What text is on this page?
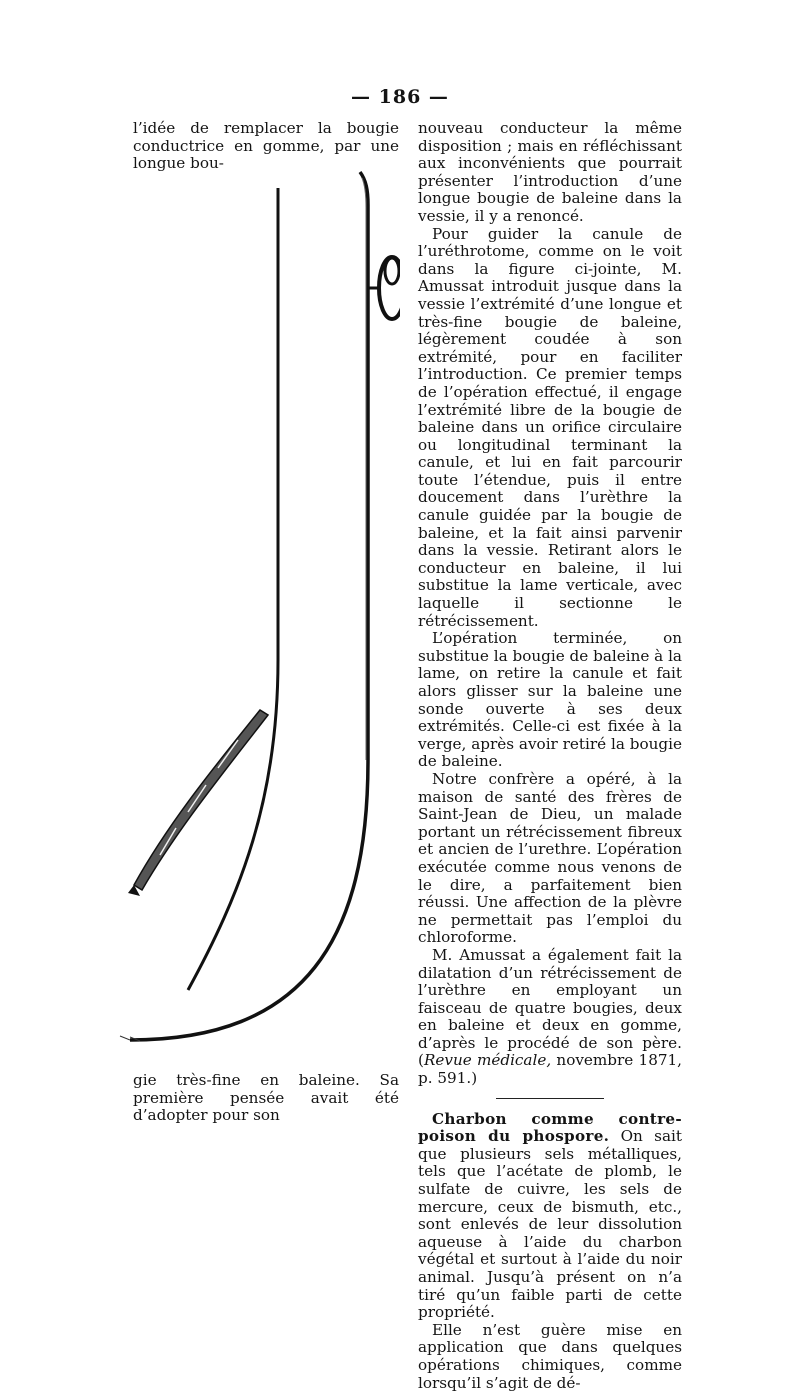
— 186 —

l’idée de remplacer la bougie conductrice en gomme, par une longue bou-

gie très-fine en baleine. Sa première pensée avait été d’adopter pour son

nouveau conducteur la même disposition ; mais en réfléchissant aux inconvénients que pourrait présenter l’introduction d’une longue bougie de baleine dans la vessie, il y a renoncé.

Pour guider la canule de l’uréthrotome, comme on le voit dans la figure ci-jointe, M. Amussat introduit jusque dans la vessie l’extrémité d’une longue et très-fine bougie de baleine, légèrement coudée à son extrémité, pour en faciliter l’introduction. Ce premier temps de l’opération effectué, il engage l’extrémité libre de la bougie de baleine dans un orifice circulaire ou longitudinal terminant la canule, et lui en fait parcourir toute l’étendue, puis il entre doucement dans l’urèthre la canule guidée par la bougie de baleine, et la fait ainsi parvenir dans la vessie. Retirant alors le conducteur en baleine, il lui substitue la lame verticale, avec laquelle il sectionne le rétrécissement.

L’opération terminée, on substitue la bougie de baleine à la lame, on retire la canule et fait alors glisser sur la baleine une sonde ouverte à ses deux extrémités. Celle-ci est fixée à la verge, après avoir retiré la bougie de baleine.

Notre confrère a opéré, à la maison de santé des frères de Saint-Jean de Dieu, un malade portant un rétrécissement fibreux et ancien de l’urethre. L’opération exécutée comme nous venons de le dire, a parfaitement bien réussi. Une affection de la plèvre ne permettait pas l’emploi du chloroforme.

M. Amussat a également fait la dilatation d’un rétrécissement de l’urèthre en employant un faisceau de quatre bougies, deux en baleine et deux en gomme, d’après le procédé de son père. (Revue médicale, novembre 1871, p. 591.)

Charbon comme contre-poison du phospore. On sait que plusieurs sels métalliques, tels que l’acétate de plomb, le sulfate de cuivre, les sels de mercure, ceux de bismuth, etc., sont enlevés de leur dissolution aqueuse à l’aide du charbon végétal et surtout à l’aide du noir animal. Jusqu’à présent on n’a tiré qu’un faible parti de cette propriété.

Elle n’est guère mise en application que dans quelques opérations chimiques, comme lorsqu’il s’agit de dé-
